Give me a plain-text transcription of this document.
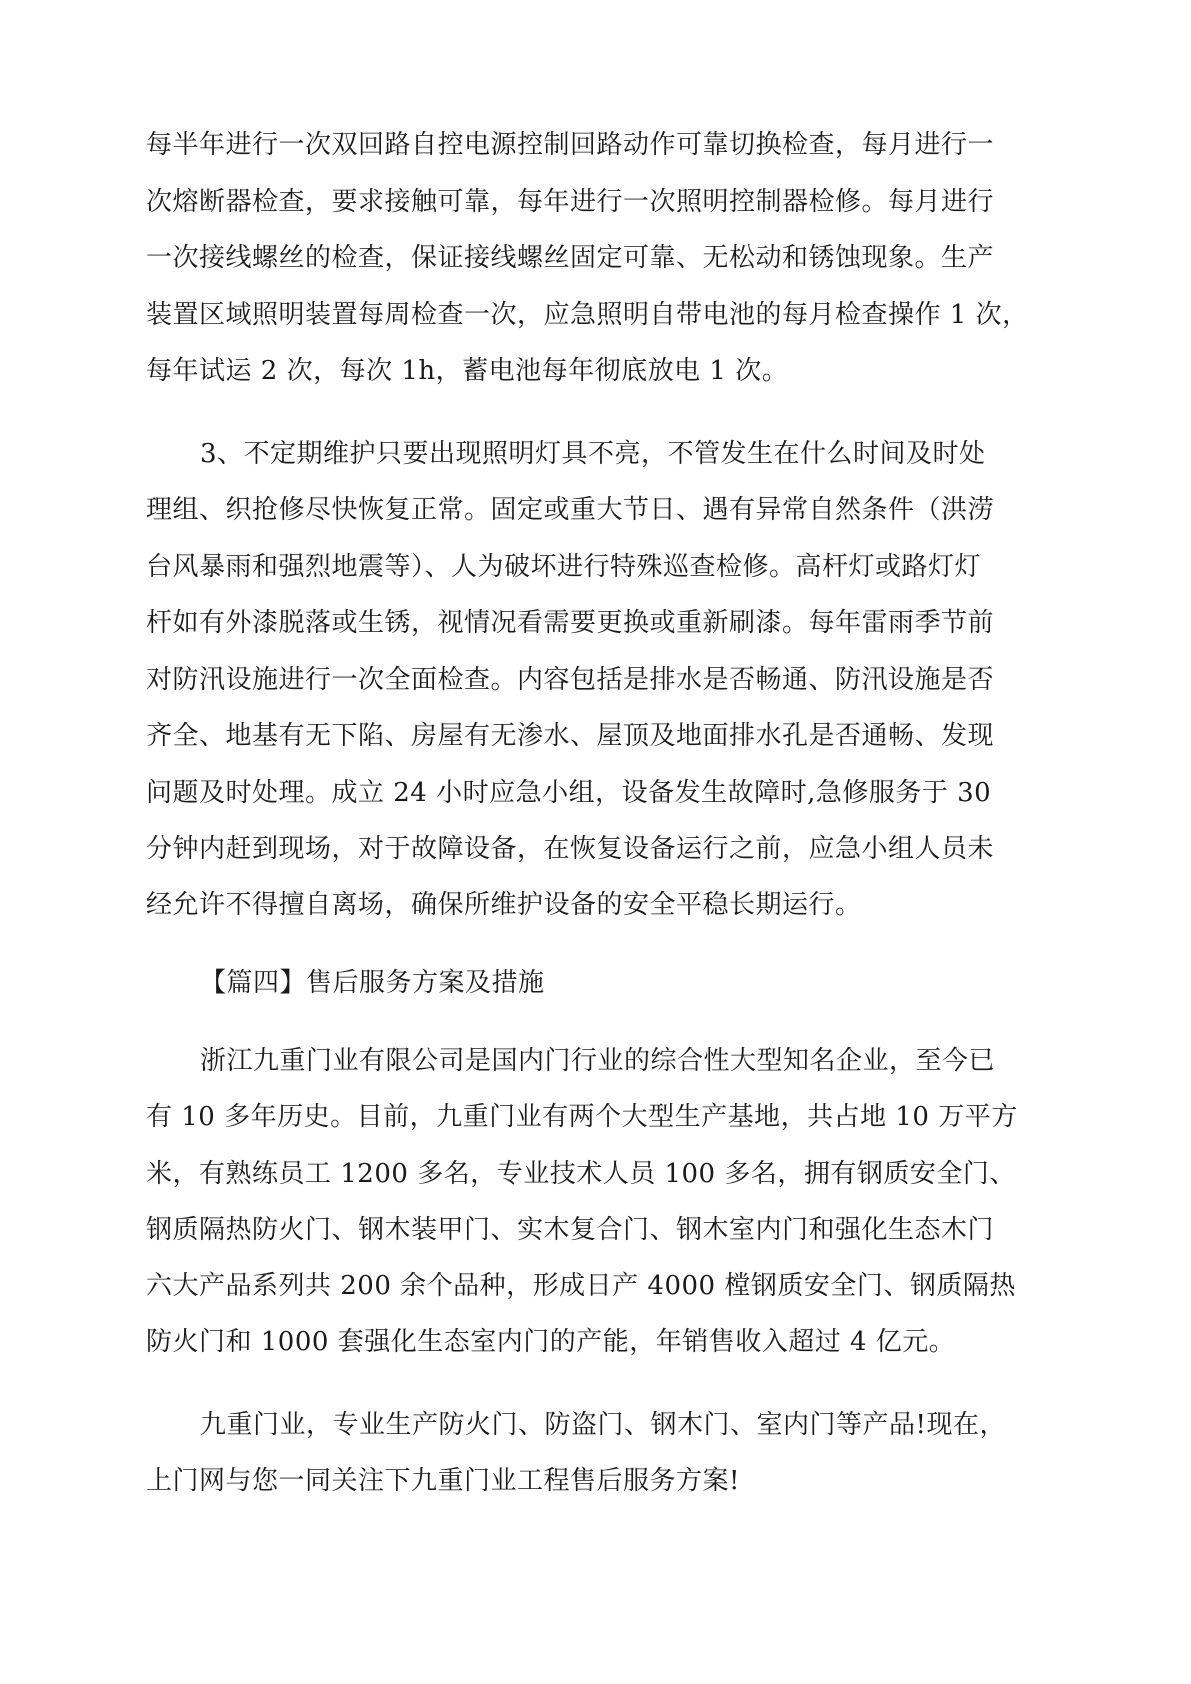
每半年进行一次双回路自控电源控制回路动作可靠切换检查，每月进行一

次熔断器检查，要求接触可靠，每年进行一次照明控制器检修。每月进行

一次接线螺丝的检查，保证接线螺丝固定可靠、无松动和锈蚀现象。生产

装置区域照明装置每周检查一次，应急照明自带电池的每月检查操作 1 次，

每年试运 2 次，每次 1h，蓄电池每年彻底放电 1 次。

3、不定期维护只要出现照明灯具不亮，不管发生在什么时间及时处

理组、织抢修尽快恢复正常。固定或重大节日、遇有异常自然条件（洪涝

台风暴雨和强烈地震等）、人为破坏进行特殊巡查检修。高杆灯或路灯灯

杆如有外漆脱落或生锈，视情况看需要更换或重新刷漆。每年雷雨季节前

对防汛设施进行一次全面检查。内容包括是排水是否畅通、防汛设施是否

齐全、地基有无下陷、房屋有无渗水、屋顶及地面排水孔是否通畅、发现

问题及时处理。成立 24 小时应急小组，设备发生故障时,急修服务于 30

分钟内赶到现场，对于故障设备，在恢复设备运行之前，应急小组人员未

经允许不得擅自离场，确保所维护设备的安全平稳长期运行。

【篇四】售后服务方案及措施

浙江九重门业有限公司是国内门行业的综合性大型知名企业，至今已

有 10 多年历史。目前，九重门业有两个大型生产基地，共占地 10 万平方

米，有熟练员工 1200 多名，专业技术人员 100 多名，拥有钢质安全门、

钢质隔热防火门、钢木装甲门、实木复合门、钢木室内门和强化生态木门

六大产品系列共 200 余个品种，形成日产 4000 樘钢质安全门、钢质隔热

防火门和 1000 套强化生态室内门的产能，年销售收入超过 4 亿元。

九重门业，专业生产防火门、防盗门、钢木门、室内门等产品!现在，

上门网与您一同关注下九重门业工程售后服务方案!
